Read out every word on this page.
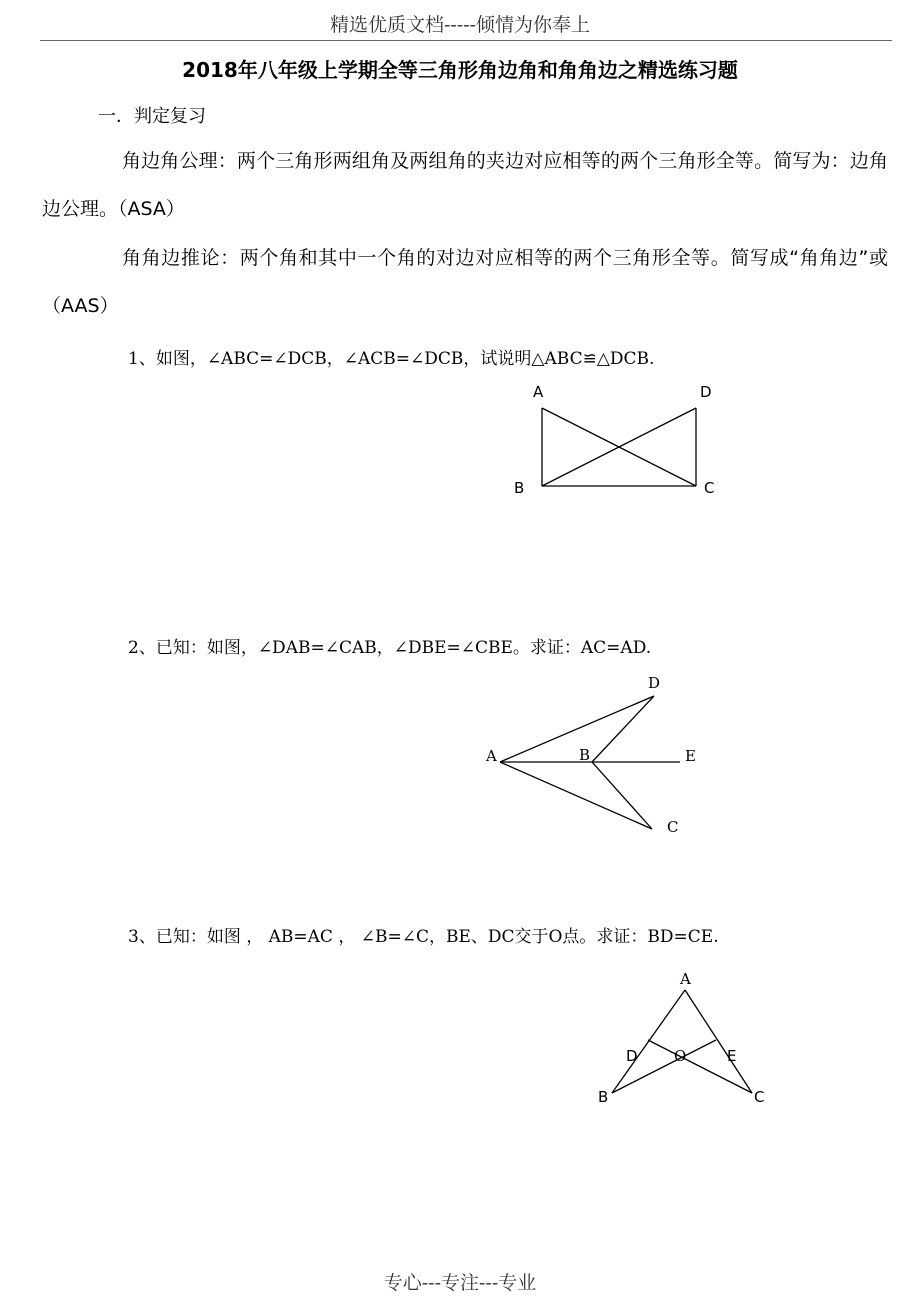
精选优质文档-----倾情为你奉上
2018年八年级上学期全等三角形角边角和角角边之精选练习题
一．判定复习
角边角公理：两个三角形两组角及两组角的夹边对应相等的两个三角形全等。简写为：边角边公理。（ASA）
角角边推论：两个角和其中一个角的对边对应相等的两个三角形全等。简写成“角角边”或（AAS）
1、如图，∠ABC=∠DCB，∠ACB=∠DCB，试说明△ABC≌△DCB.
A	D
B	C
2、已知：如图，∠DAB=∠CAB，∠DBE=∠CBE。求证：AC=AD.
D
A	B	E
C
3、已知：如图 ， AB=AC ， ∠B=∠C，BE、DC交于O点。求证：BD=CE.
A
D O	E
B	C
专心---专注---专业
